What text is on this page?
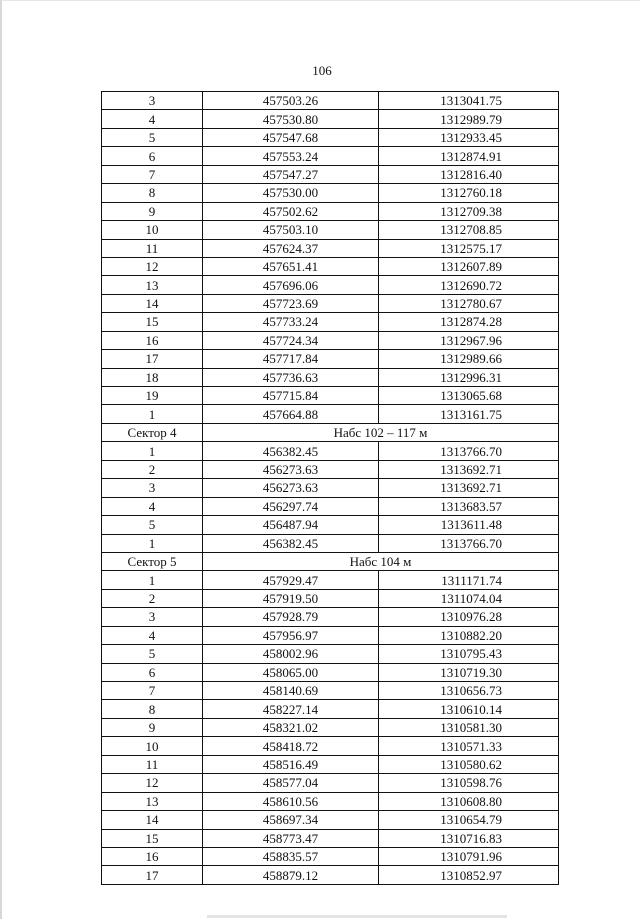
106
3	457503.26	1313041.75
4	457530.80	1312989.79
5	457547.68	1312933.45
6	457553.24	1312874.91
7	457547.27	1312816.40
8	457530.00	1312760.18
9	457502.62	1312709.38
10	457503.10	1312708.85
11	457624.37	1312575.17
12	457651.41	1312607.89
13	457696.06	1312690.72
14	457723.69	1312780.67
15	457733.24	1312874.28
16	457724.34	1312967.96
17	457717.84	1312989.66
18	457736.63	1312996.31
19	457715.84	1313065.68
1	457664.88	1313161.75
Сектор 4	Набс 102 – 117 м	
1	456382.45	1313766.70
2	456273.63	1313692.71
3	456273.63	1313692.71
4	456297.74	1313683.57
5	456487.94	1313611.48
1	456382.45	1313766.70
Сектор 5	Набс 104 м	
1	457929.47	1311171.74
2	457919.50	1311074.04
3	457928.79	1310976.28
4	457956.97	1310882.20
5	458002.96	1310795.43
6	458065.00	1310719.30
7	458140.69	1310656.73
8	458227.14	1310610.14
9	458321.02	1310581.30
10	458418.72	1310571.33
11	458516.49	1310580.62
12	458577.04	1310598.76
13	458610.56	1310608.80
14	458697.34	1310654.79
15	458773.47	1310716.83
16	458835.57	1310791.96
17	458879.12	1310852.97
